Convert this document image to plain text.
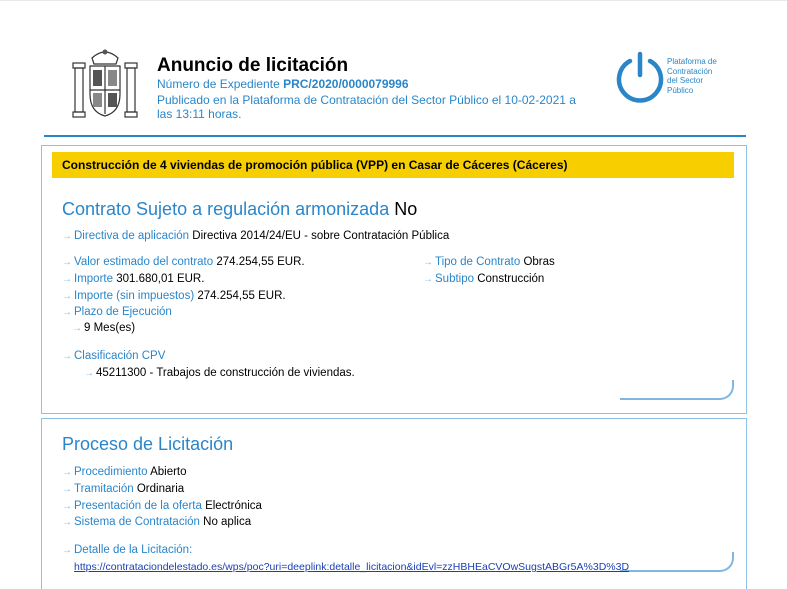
Anuncio de licitación
Número de Expediente PRC/2020/0000079996
Publicado en la Plataforma de Contratación del Sector Público el 10-02-2021 a
las 13:11 horas.
Plataforma de
Contratación
del Sector
Público
Construcción de 4 viviendas de promoción pública (VPP) en Casar de Cáceres (Cáceres)
Contrato Sujeto a regulación armonizada No
→ Directiva de aplicación Directiva 2014/24/EU - sobre Contratación Pública
→ Valor estimado del contrato 274.254,55 EUR.
→ Importe 301.680,01 EUR.
→ Importe (sin impuestos) 274.254,55 EUR.
→ Plazo de Ejecución
→ 9 Mes(es)
→ Clasificación CPV
→ 45211300 - Trabajos de construcción de viviendas.
→ Tipo de Contrato Obras
→ Subtipo Construcción
Proceso de Licitación
→ Procedimiento Abierto
→ Tramitación Ordinaria
→ Presentación de la oferta Electrónica
→ Sistema de Contratación No aplica
→ Detalle de la Licitación:
https://contrataciondelestado.es/wps/poc?uri=deeplink:detalle_licitacion&idEvl=zzHBHEaCVOwSugstABGr5A%3D%3D
